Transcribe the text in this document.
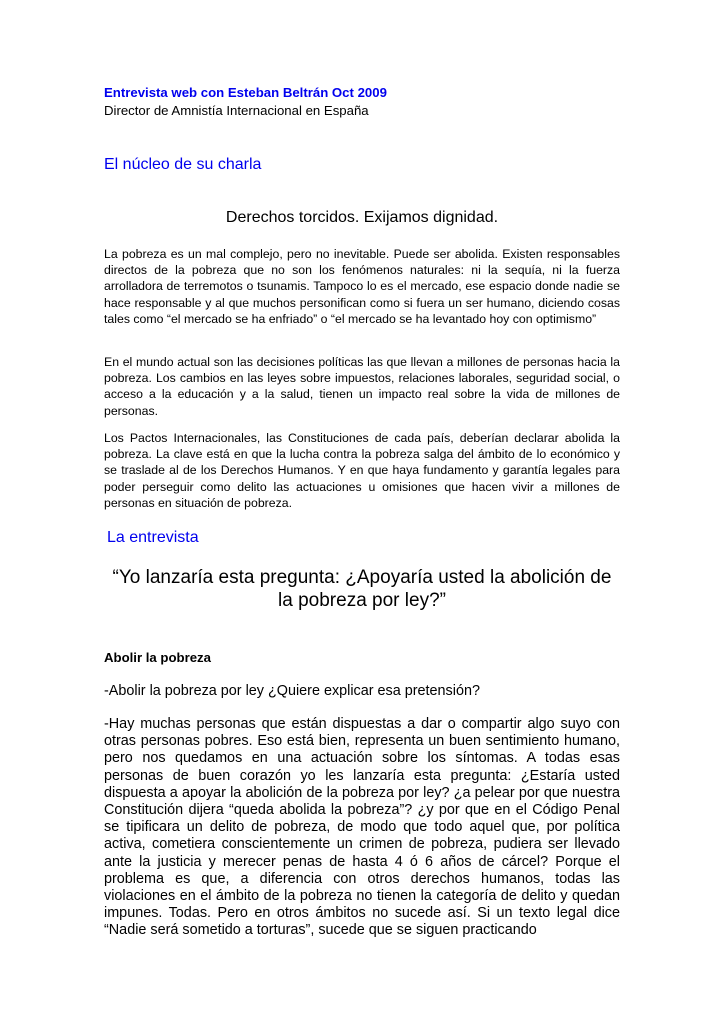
Entrevista web con Esteban Beltrán Oct 2009
Director de Amnistía Internacional en España
El núcleo de su charla
Derechos torcidos. Exijamos dignidad.

La pobreza es un mal complejo, pero no inevitable. Puede ser abolida. Existen responsables directos de la pobreza que no son los fenómenos naturales: ni la sequía, ni la fuerza arrolladora de terremotos o tsunamis. Tampoco lo es el mercado, ese espacio donde nadie se hace responsable y al que muchos personifican como si fuera un ser humano, diciendo cosas tales como “el mercado se ha enfriado” o “el mercado se ha levantado hoy con optimismo”

En el mundo actual son las decisiones políticas las que llevan a millones de personas hacia la pobreza. Los cambios en las leyes sobre impuestos, relaciones laborales, seguridad social, o acceso a la educación y a la salud, tienen un impacto real sobre la vida de millones de personas.

Los Pactos Internacionales, las Constituciones de cada país, deberían declarar abolida la pobreza. La clave está en que la lucha contra la pobreza salga del ámbito de lo económico y se traslade al de los Derechos Humanos. Y en que haya fundamento y garantía legales para poder perseguir como delito las actuaciones u omisiones que hacen vivir a millones de personas en situación de pobreza.

La entrevista

“Yo lanzaría esta pregunta: ¿Apoyaría usted la abolición de la pobreza por ley?”

Abolir la pobreza

-Abolir la pobreza por ley ¿Quiere explicar esa pretensión?

-Hay muchas personas que están dispuestas a dar o compartir algo suyo con otras personas pobres. Eso está bien, representa un buen sentimiento humano, pero nos quedamos en una actuación sobre los síntomas. A todas esas personas de buen corazón yo les lanzaría esta pregunta: ¿Estaría usted dispuesta a apoyar la abolición de la pobreza por ley? ¿a pelear por que nuestra Constitución dijera “queda abolida la pobreza”? ¿y por que en el Código Penal se tipificara un delito de pobreza, de modo que todo aquel que, por política activa, cometiera conscientemente un crimen de pobreza, pudiera ser llevado ante la justicia y merecer penas de hasta 4 ó 6 años de cárcel? Porque el problema es que, a diferencia con otros derechos humanos, todas las violaciones en el ámbito de la pobreza no tienen la categoría de delito y quedan impunes. Todas. Pero en otros ámbitos no sucede así. Si un texto legal dice “Nadie será sometido a torturas”, sucede que se siguen practicando
